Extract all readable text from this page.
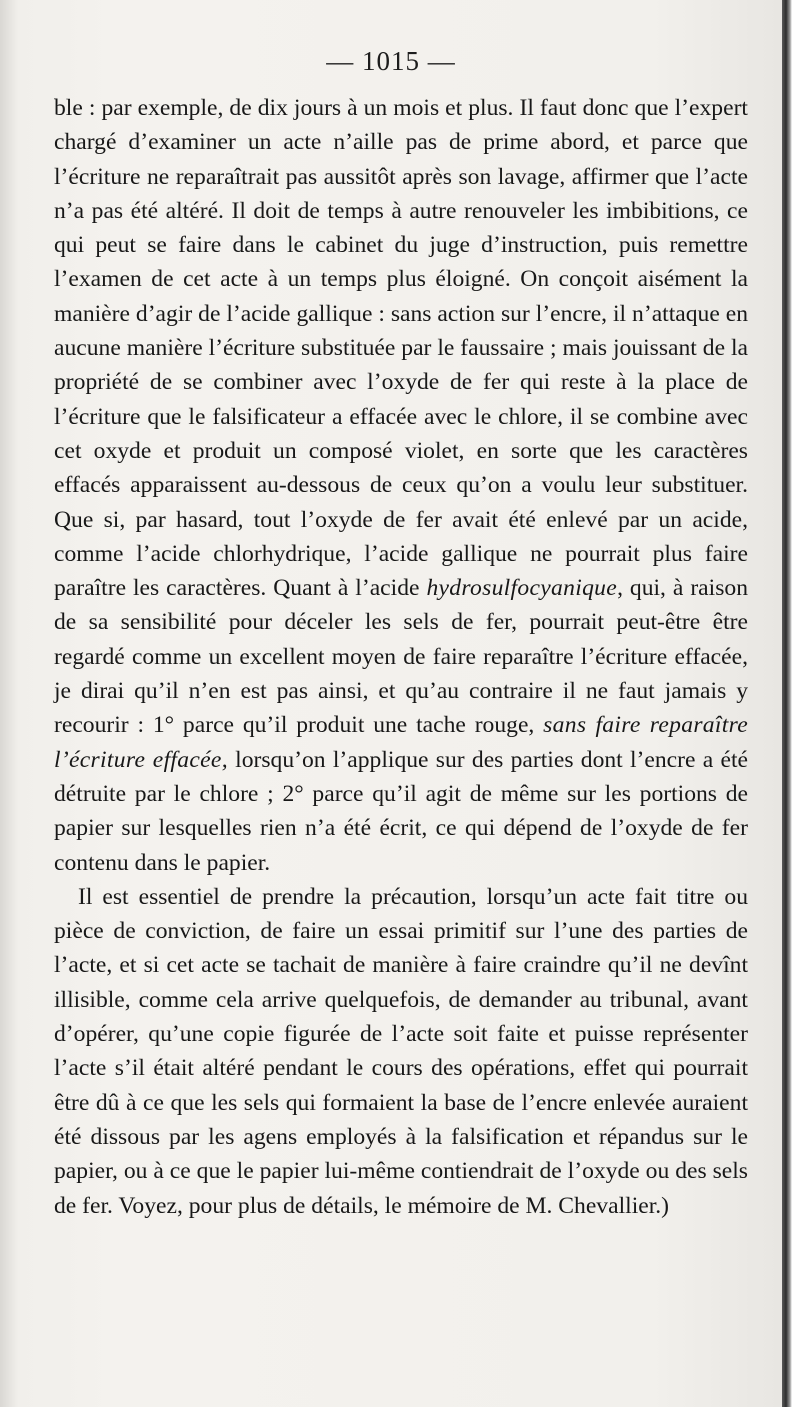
— 1015 —

ble : par exemple, de dix jours à un mois et plus. Il faut donc que l’expert chargé d’examiner un acte n’aille pas de prime abord, et parce que l’écriture ne reparaîtrait pas aussitôt après son lavage, affirmer que l’acte n’a pas été altéré. Il doit de temps à autre renouveler les imbibitions, ce qui peut se faire dans le cabinet du juge d’instruction, puis remettre l’examen de cet acte à un temps plus éloigné. On conçoit aisément la manière d’agir de l’acide gallique : sans action sur l’encre, il n’attaque en aucune manière l’écriture substituée par le faussaire ; mais jouissant de la propriété de se combiner avec l’oxyde de fer qui reste à la place de l’écriture que le falsificateur a effacée avec le chlore, il se combine avec cet oxyde et produit un composé violet, en sorte que les caractères effacés apparaissent au-dessous de ceux qu’on a voulu leur substituer. Que si, par hasard, tout l’oxyde de fer avait été enlevé par un acide, comme l’acide chlorhydrique, l’acide gallique ne pourrait plus faire paraître les caractères. Quant à l’acide hydrosulfocyanique, qui, à raison de sa sensibilité pour déceler les sels de fer, pourrait peut-être être regardé comme un excellent moyen de faire reparaître l’écriture effacée, je dirai qu’il n’en est pas ainsi, et qu’au contraire il ne faut jamais y recourir : 1° parce qu’il produit une tache rouge, sans faire reparaître l’écriture effacée, lorsqu’on l’applique sur des parties dont l’encre a été détruite par le chlore ; 2° parce qu’il agit de même sur les portions de papier sur lesquelles rien n’a été écrit, ce qui dépend de l’oxyde de fer contenu dans le papier.

Il est essentiel de prendre la précaution, lorsqu’un acte fait titre ou pièce de conviction, de faire un essai primitif sur l’une des parties de l’acte, et si cet acte se tachait de manière à faire craindre qu’il ne devînt illisible, comme cela arrive quelquefois, de demander au tribunal, avant d’opérer, qu’une copie figurée de l’acte soit faite et puisse représenter l’acte s’il était altéré pendant le cours des opérations, effet qui pourrait être dû à ce que les sels qui formaient la base de l’encre enlevée auraient été dissous par les agens employés à la falsification et répandus sur le papier, ou à ce que le papier lui-même contiendrait de l’oxyde ou des sels de fer. Voyez, pour plus de détails, le mémoire de M. Chevallier.)
